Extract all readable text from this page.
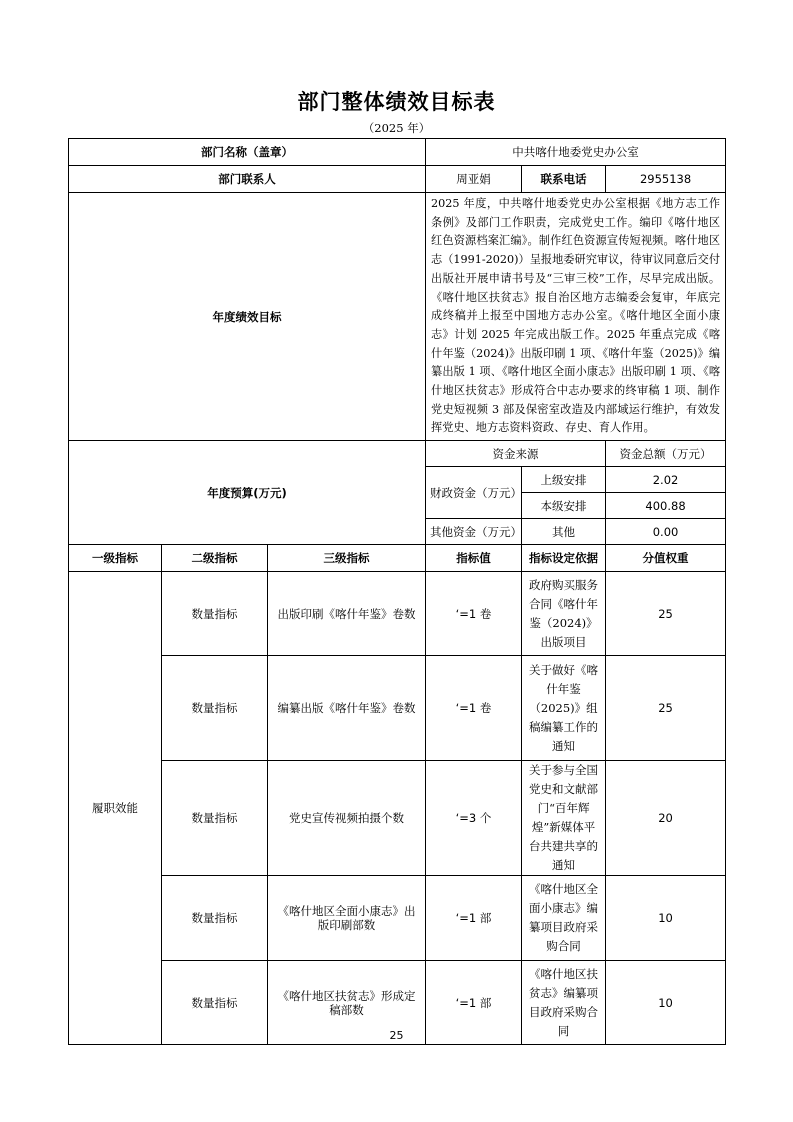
部门整体绩效目标表
（2025 年）
部门名称（盖章）			中共喀什地委党史办公室		
部门联系人			周亚娟	联系电话	2955138
年度绩效目标			2025 年度，中共喀什地委党史办公室根据《地方志工作条例》及部门工作职责，完成党史工作。编印《喀什地区红色资源档案汇编》。制作红色资源宣传短视频。喀什地区志（1991-2020)）呈报地委研究审议，待审议同意后交付出版社开展申请书号及“三审三校”工作，尽早完成出版。《喀什地区扶贫志》报自治区地方志编委会复审，年底完成终稿并上报至中国地方志办公室。《喀什地区全面小康志》计划 2025 年完成出版工作。2025 年重点完成《喀什年鉴（2024)》出版印刷 1 项、《喀什年鉴（2025)》编纂出版 1 项、《喀什地区全面小康志》出版印刷 1 项、《喀什地区扶贫志》形成符合中志办要求的终审稿 1 项、制作党史短视频 3 部及保密室改造及内部域运行维护，有效发挥党史、地方志资料资政、存史、育人作用。		
年度预算(万元)			资金来源		资金总额（万元）
			财政资金（万元）	上级安排	2.02
				本级安排	400.88
			其他资金（万元）	其他	0.00
一级指标	二级指标	三级指标	指标值	指标设定依据	分值权重
履职效能	数量指标	出版印刷《喀什年鉴》卷数	‘=1 卷	政府购买服务合同《喀什年鉴（2024)》出版项目	25
	数量指标	编纂出版《喀什年鉴》卷数	‘=1 卷	关于做好《喀什年鉴（2025)》组稿编纂工作的通知	25
	数量指标	党史宣传视频拍摄个数	‘=3 个	关于参与全国党史和文献部门“百年辉煌”新媒体平台共建共享的通知	20
	数量指标	《喀什地区全面小康志》出版印刷部数	‘=1 部	《喀什地区全面小康志》编纂项目政府采购合同	10
	数量指标	《喀什地区扶贫志》形成定稿部数	‘=1 部	《喀什地区扶贫志》编纂项目政府采购合同	10
25
